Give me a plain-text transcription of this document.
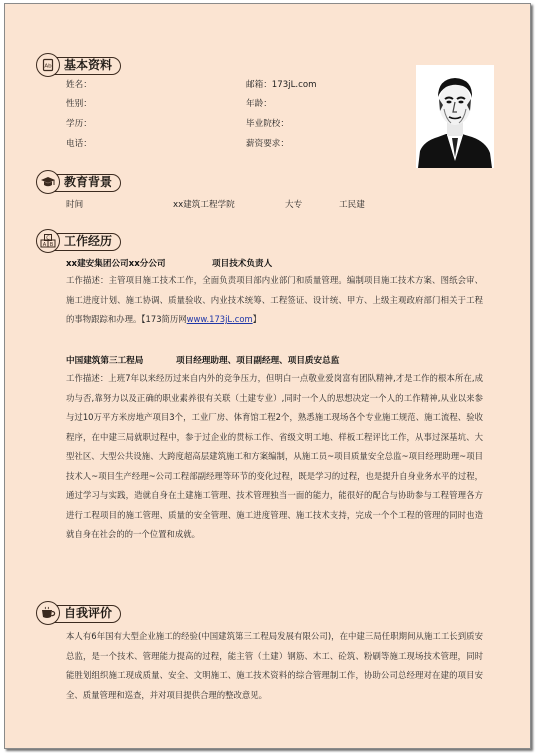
基本资料
Ab
姓名：	邮箱：173jL.com
性别：	年龄：
学历：	毕业院校：
电话：	薪资要求：
教育背景
时间	xx建筑工程学院	大专	工民建
工作经历
A B
C
xx建安集团公司xx分公司	项目技术负责人
工作描述：主管项目施工技术工作，全面负责项目部内业部门和质量管理。编制项目施工技术方案、图纸会审、施工进度计划、施工协调、质量验收、内业技术统筹、工程签证、设计统、甲方、上级主观政府部门相关于工程的事物跟踪和办理。【173简历网www.173jL.com】
中国建筑第三工程局	项目经理助理、项目副经理、项目质安总监
工作描述：上班7年以来经历过来自内外的竞争压力，但明白一点敬业爱岗富有团队精神,才是工作的根本所在,成功与否,靠努力以及正确的职业素养很有关联（土建专业）,同时一个人的思想决定一个人的工作精神,从业以来参与过10万平方米房地产项目3个，工业厂房、体育馆工程2个，熟悉施工现场各个专业施工规范、施工流程、验收程序，在中建三局就职过程中，参于过企业的贯标工作、省级文明工地、样板工程评比工作，从事过深基坑、大型社区、大型公共设施、大跨度超高层建筑施工和方案编制，从施工员~项目质量安全总监~项目经理助理~项目技术人~项目生产经理~公司工程部副经理等环节的变化过程，既是学习的过程，也是提升自身业务水平的过程，通过学习与实践，造就自身在土建施工管理、技术管理独当一面的能力，能很好的配合与协助参与工程管理各方进行工程项目的施工管理、质量的安全管理、施工进度管理、施工技术支持，完成一个个工程的管理的同时也造就自身在社会的的一个位置和成就。
自我评价
本人有6年国有大型企业施工的经验(中国建筑第三工程局发展有限公司)，在中建三局任职期间从施工工长到质安总监，是一个技术、管理能力提高的过程，能主管（土建）钢筋、木工、砼筑、粉刷等施工现场技术管理，同时能胜划组织施工现成质量、安全、文明施工、施工技术资料的综合管理制工作，协助公司总经理对在建的项目安全、质量管理和巡查，并对项目提供合理的整改意见。
